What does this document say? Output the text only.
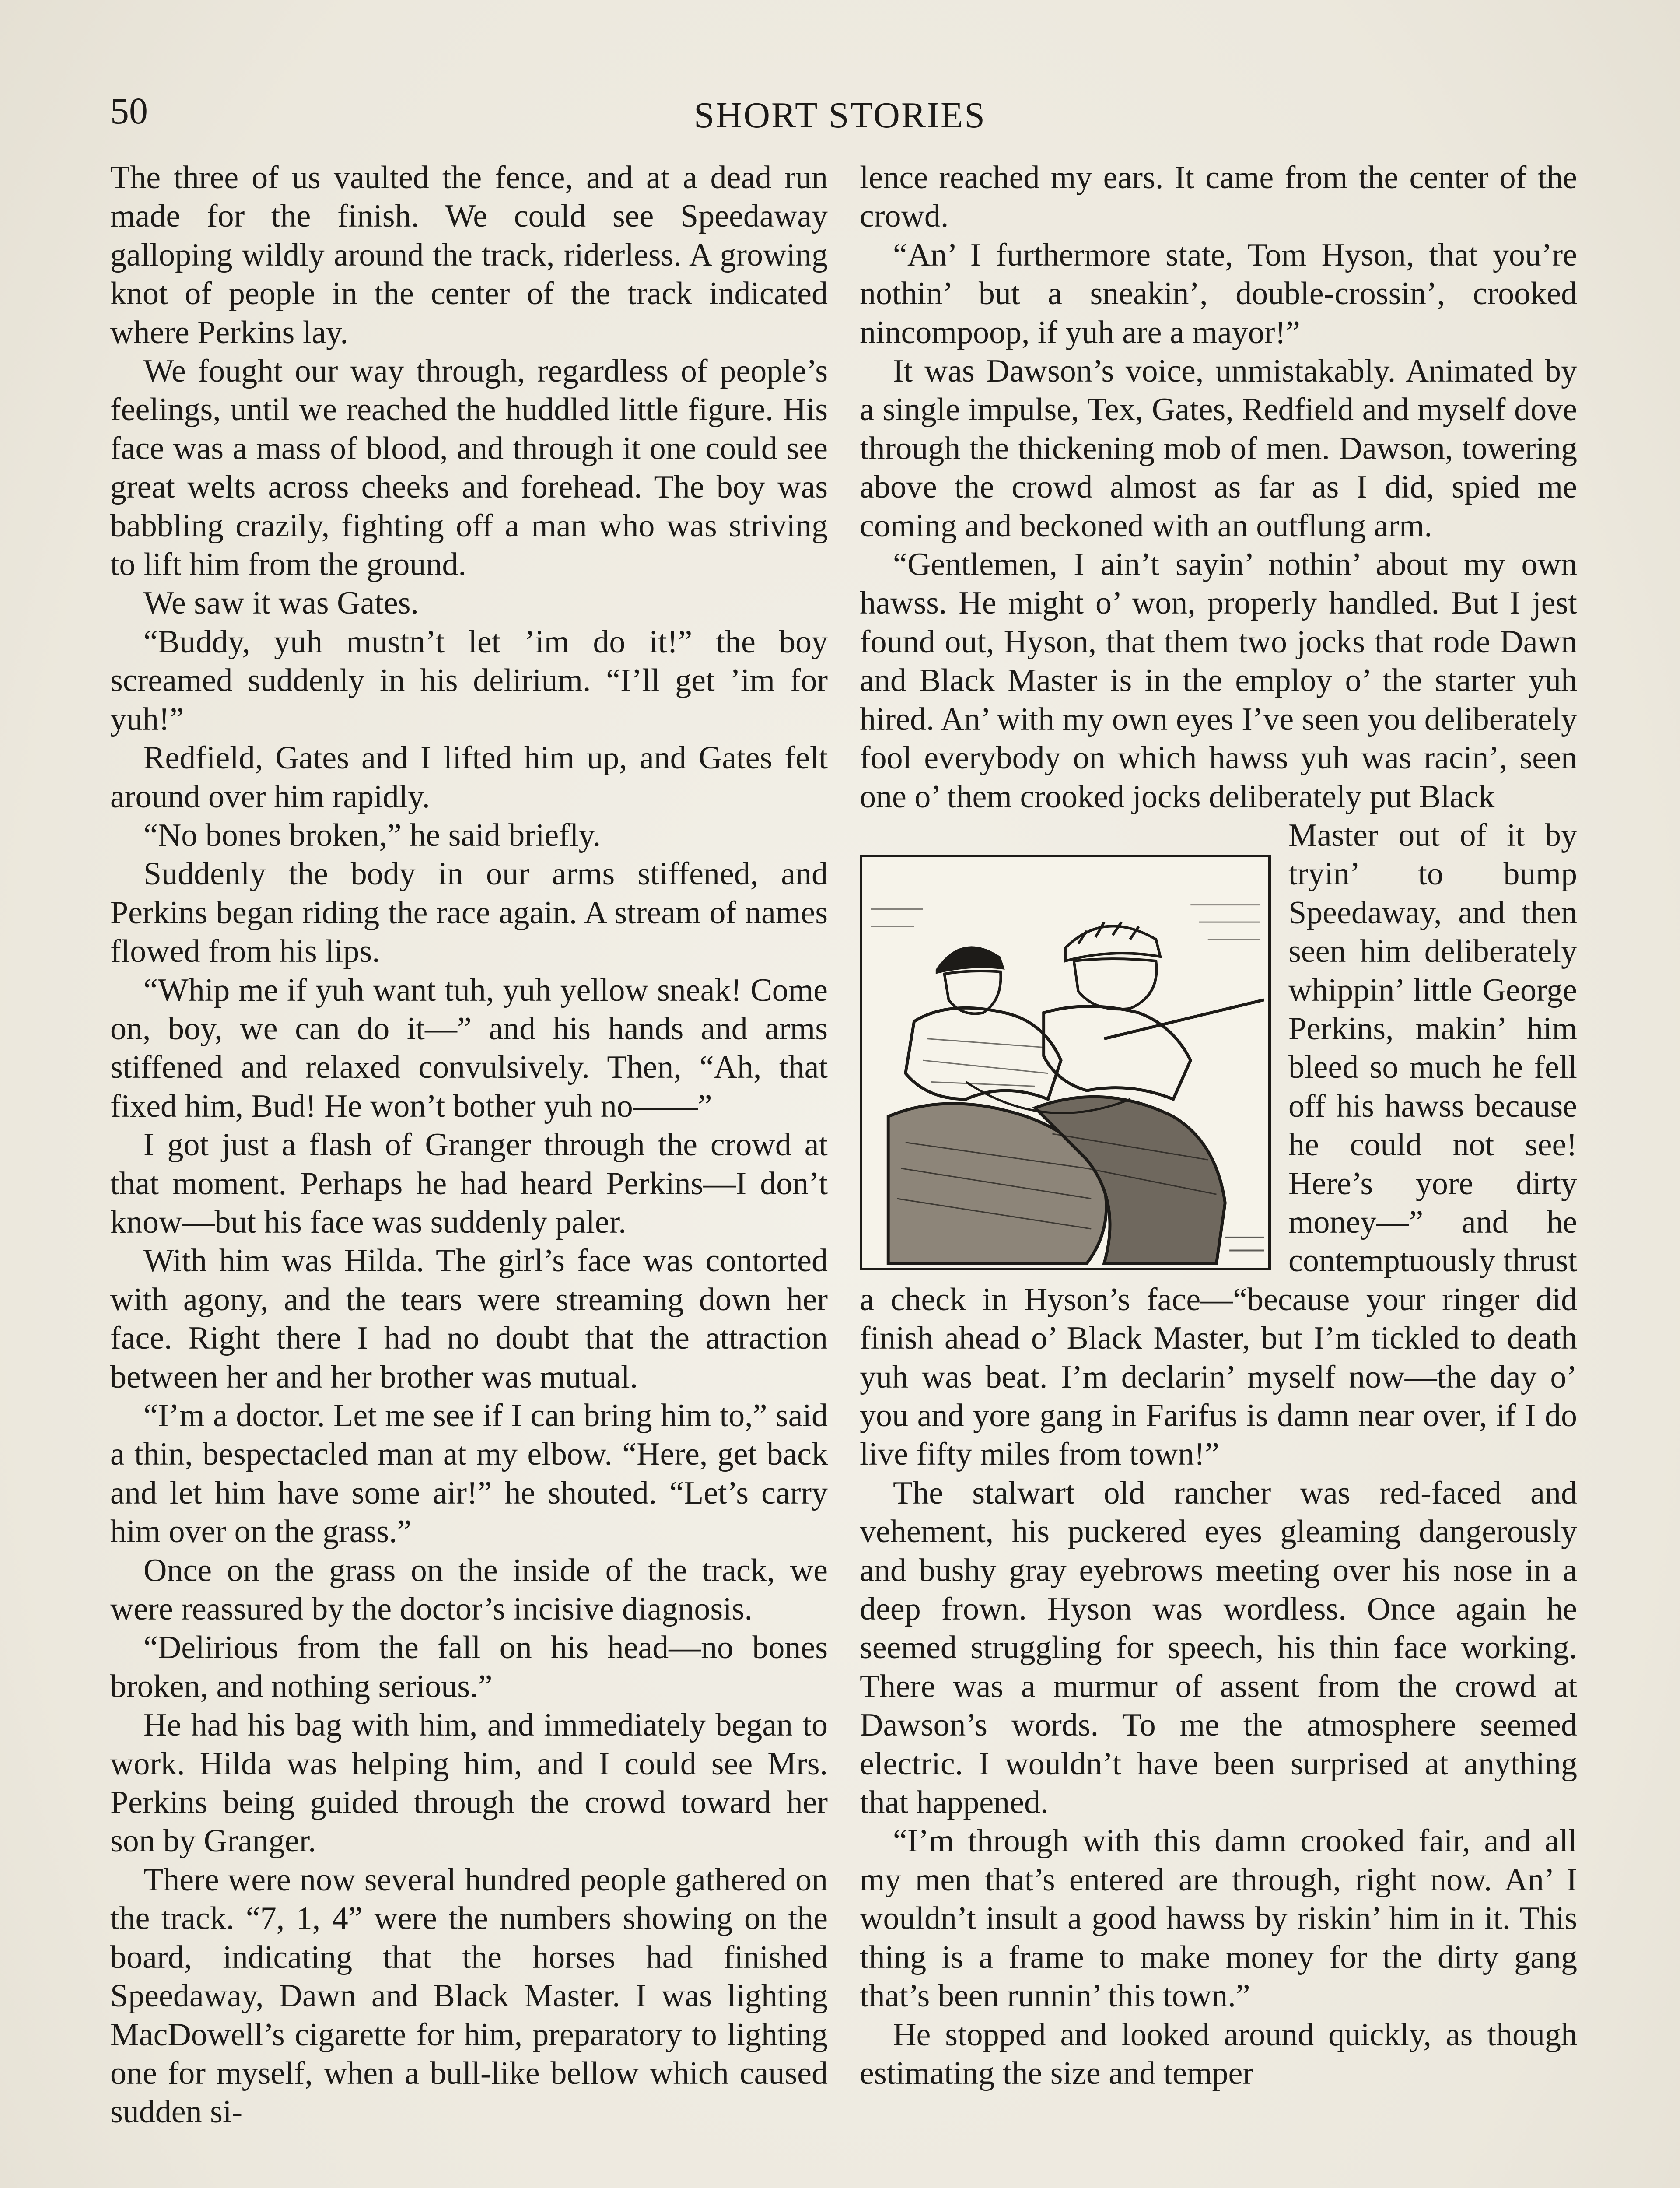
50	SHORT STORIES

The three of us vaulted the fence, and at a dead run made for the finish. We could see Speedaway galloping wildly around the track, riderless. A growing knot of people in the center of the track indicated where Perkins lay.

We fought our way through, regardless of people’s feelings, until we reached the huddled little figure. His face was a mass of blood, and through it one could see great welts across cheeks and forehead. The boy was babbling crazily, fighting off a man who was striving to lift him from the ground.

We saw it was Gates.

“Buddy, yuh mustn’t let ’im do it!” the boy screamed suddenly in his delirium. “I’ll get ’im for yuh!”

Redfield, Gates and I lifted him up, and Gates felt around over him rapidly.

“No bones broken,” he said briefly.

Suddenly the body in our arms stiffened, and Perkins began riding the race again. A stream of names flowed from his lips.

“Whip me if yuh want tuh, yuh yellow sneak! Come on, boy, we can do it—” and his hands and arms stiffened and relaxed convulsively. Then, “Ah, that fixed him, Bud! He won’t bother yuh no——”

I got just a flash of Granger through the crowd at that moment. Perhaps he had heard Perkins—I don’t know—but his face was suddenly paler.

With him was Hilda. The girl’s face was contorted with agony, and the tears were streaming down her face. Right there I had no doubt that the attraction between her and her brother was mutual.

“I’m a doctor. Let me see if I can bring him to,” said a thin, bespectacled man at my elbow. “Here, get back and let him have some air!” he shouted. “Let’s carry him over on the grass.”

Once on the grass on the inside of the track, we were reassured by the doctor’s incisive diagnosis.

“Delirious from the fall on his head—no bones broken, and nothing serious.”

He had his bag with him, and immediately began to work. Hilda was helping him, and I could see Mrs. Perkins being guided through the crowd toward her son by Granger.

There were now several hundred people gathered on the track. “7, 1, 4” were the numbers showing on the board, indicating that the horses had finished Speedaway, Dawn and Black Master. I was lighting MacDowell’s cigarette for him, preparatory to lighting one for myself, when a bull-like bellow which caused sudden si-

lence reached my ears. It came from the center of the crowd.

“An’ I furthermore state, Tom Hyson, that you’re nothin’ but a sneakin’, double-crossin’, crooked nincompoop, if yuh are a mayor!”

It was Dawson’s voice, unmistakably. Animated by a single impulse, Tex, Gates, Redfield and myself dove through the thickening mob of men. Dawson, towering above the crowd almost as far as I did, spied me coming and beckoned with an outflung arm.

“Gentlemen, I ain’t sayin’ nothin’ about my own hawss. He might o’ won, properly handled. But I jest found out, Hyson, that them two jocks that rode Dawn and Black Master is in the employ o’ the starter yuh hired. An’ with my own eyes I’ve seen you deliberately fool everybody on which hawss yuh was racin’, seen one o’ them crooked jocks deliberately put Black

Master out of it by tryin’ to bump Speedaway, and then seen him deliberately whippin’ little George Perkins, makin’ him bleed so much he fell off his hawss because he could not see! Here’s yore dirty money—” and he contemptuously thrust a check in Hyson’s face—“because your ringer did finish ahead o’ Black Master, but I’m tickled to death yuh was beat. I’m declarin’ myself now—the day o’ you and yore gang in Farifus is damn near over, if I do live fifty miles from town!”

The stalwart old rancher was red-faced and vehement, his puckered eyes gleaming dangerously and bushy gray eyebrows meeting over his nose in a deep frown. Hyson was wordless. Once again he seemed struggling for speech, his thin face working. There was a murmur of assent from the crowd at Dawson’s words. To me the atmosphere seemed electric. I wouldn’t have been surprised at anything that happened.

“I’m through with this damn crooked fair, and all my men that’s entered are through, right now. An’ I wouldn’t insult a good hawss by riskin’ him in it. This thing is a frame to make money for the dirty gang that’s been runnin’ this town.”

He stopped and looked around quickly, as though estimating the size and temper
